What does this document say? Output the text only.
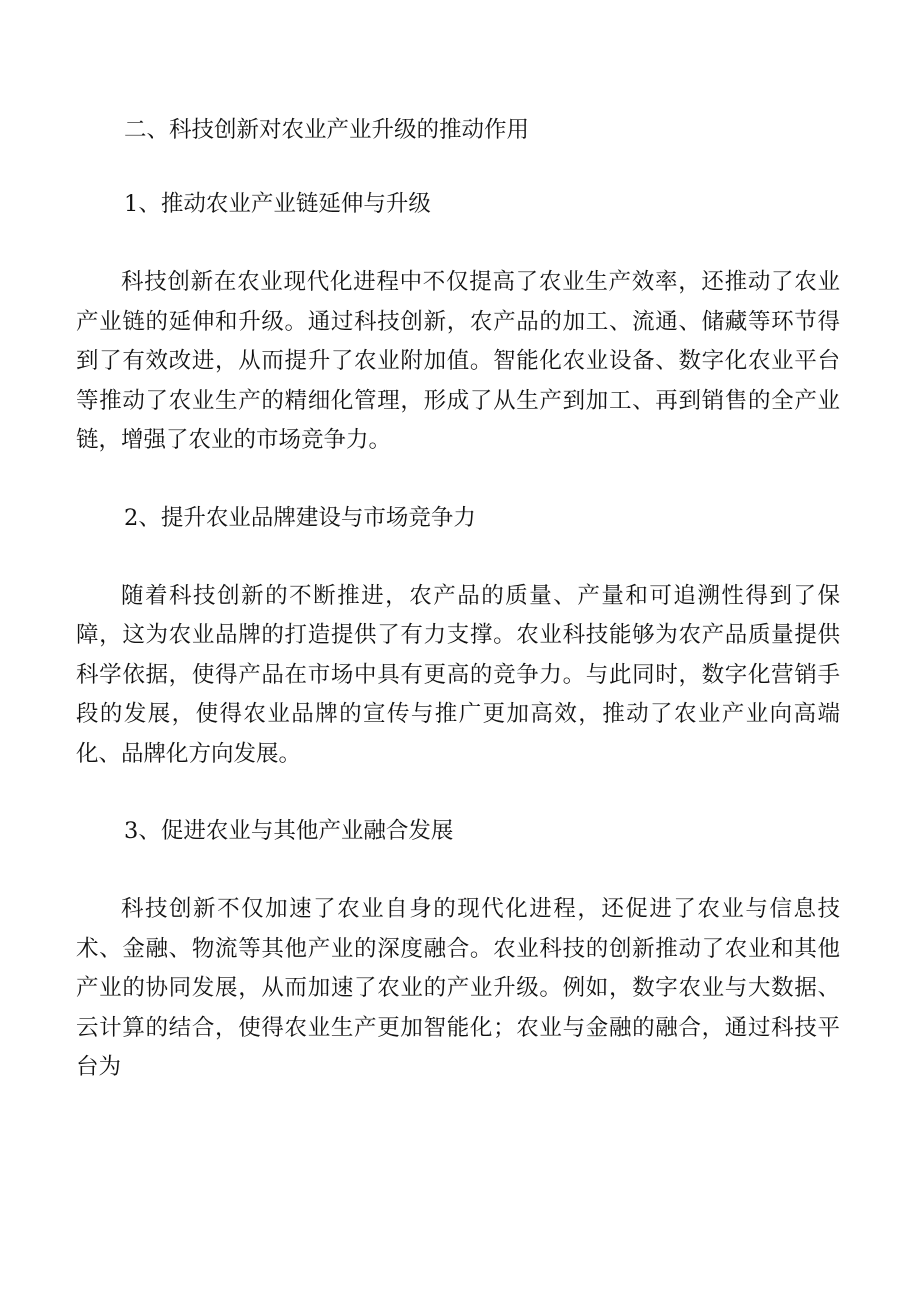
二、科技创新对农业产业升级的推动作用
1、推动农业产业链延伸与升级

科技创新在农业现代化进程中不仅提高了农业生产效率，还推动了农业产业链的延伸和升级。通过科技创新，农产品的加工、流通、储藏等环节得到了有效改进，从而提升了农业附加值。智能化农业设备、数字化农业平台等推动了农业生产的精细化管理，形成了从生产到加工、再到销售的全产业链，增强了农业的市场竞争力。

2、提升农业品牌建设与市场竞争力

随着科技创新的不断推进，农产品的质量、产量和可追溯性得到了保障，这为农业品牌的打造提供了有力支撑。农业科技能够为农产品质量提供科学依据，使得产品在市场中具有更高的竞争力。与此同时，数字化营销手段的发展，使得农业品牌的宣传与推广更加高效，推动了农业产业向高端化、品牌化方向发展。

3、促进农业与其他产业融合发展

科技创新不仅加速了农业自身的现代化进程，还促进了农业与信息技术、金融、物流等其他产业的深度融合。农业科技的创新推动了农业和其他产业的协同发展，从而加速了农业的产业升级。例如，数字农业与大数据、云计算的结合，使得农业生产更加智能化；农业与金融的融合，通过科技平台为
